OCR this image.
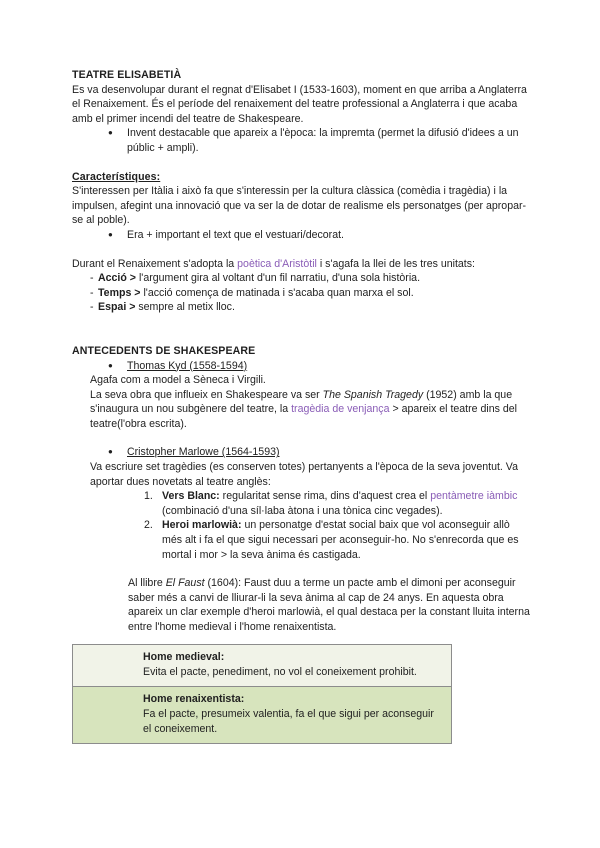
TEATRE ELISABETIÀ

Es va desenvolupar durant el regnat d'Elisabet I (1533-1603), moment en que arriba a Anglaterra el Renaixement. És el període del renaixement del teatre professional a Anglaterra i que acaba amb el primer incendi del teatre de Shakespeare.

● Invent destacable que apareix a l'època: la impremta (permet la difusió d'idees a un públic + ampli).
Característiques:

S'interessen per Itàlia i això fa que s'interessin per la cultura clàssica (comèdia i tragèdia) i la impulsen, afegint una innovació que va ser la de dotar de realisme els personatges (per apropar-se al poble).

● Era + important el text que el vestuari/decorat.

Durant el Renaixement s'adopta la poètica d'Aristòtil i s'agafa la llei de les tres unitats:

- Acció > l'argument gira al voltant d'un fil narratiu, d'una sola història.
- Temps > l'acció comença de matinada i s'acaba quan marxa el sol.
- Espai > sempre al metix lloc.
ANTECEDENTS DE SHAKESPEARE
● Thomas Kyd (1558-1594)

Agafa com a model a Sèneca i Virgili.

La seva obra que influeix en Shakespeare va ser The Spanish Tragedy (1952) amb la que s'inaugura un nou subgènere del teatre, la tragèdia de venjança > apareix el teatre dins del teatre(l'obra escrita).

● Cristopher Marlowe (1564-1593)

Va escriure set tragèdies (es conserven totes) pertanyents a l'època de la seva joventut. Va aportar dues novetats al teatre anglès:

1. Vers Blanc: regularitat sense rima, dins d'aquest crea el pentàmetre iàmbic (combinació d'una síl·laba àtona i una tònica cinc vegades).
2. Heroi marlowià: un personatge d'estat social baix que vol aconseguir allò més alt i fa el que sigui necessari per aconseguir-ho. No s'enrecorda que es mortal i mor > la seva ànima és castigada.

Al llibre El Faust (1604): Faust duu a terme un pacte amb el dimoni per aconseguir saber més a canvi de lliurar-li la seva ànima al cap de 24 anys. En aquesta obra apareix un clar exemple d'heroi marlowià, el qual destaca per la constant lluita interna entre l'home medieval i l'home renaixentista.

Home medieval:
Evita el pacte, penediment, no vol el coneixement prohibit.

Home renaixentista:
Fa el pacte, presumeix valentia, fa el que sigui per aconseguir el coneixement.
